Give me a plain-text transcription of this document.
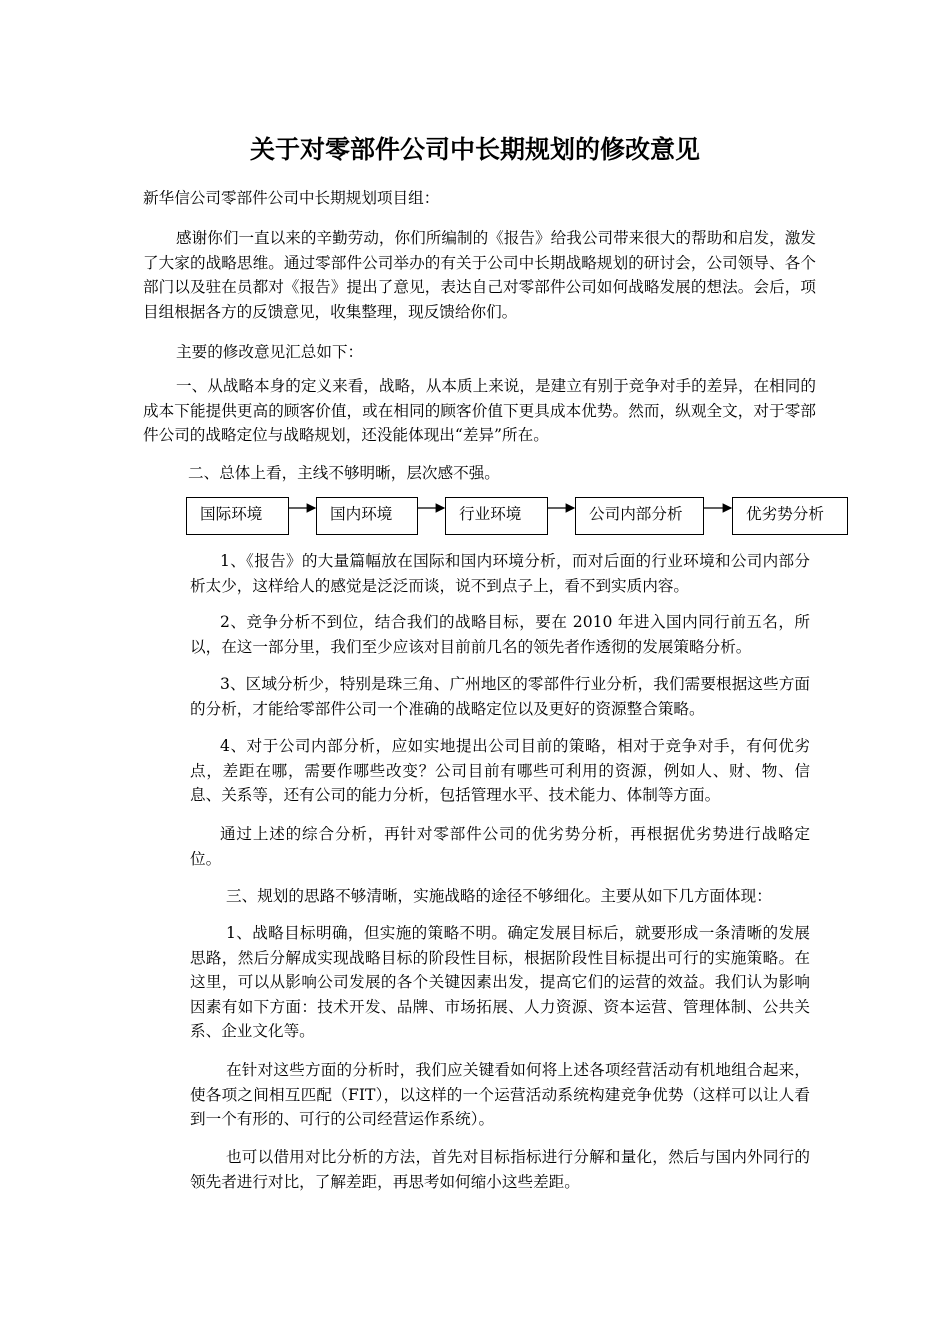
关于对零部件公司中长期规划的修改意见

新华信公司零部件公司中长期规划项目组：

感谢你们一直以来的辛勤劳动，你们所编制的《报告》给我公司带来很大的帮助和启发，激发了大家的战略思维。通过零部件公司举办的有关于公司中长期战略规划的研讨会，公司领导、各个部门以及驻在员都对《报告》提出了意见，表达自己对零部件公司如何战略发展的想法。会后，项目组根据各方的反馈意见，收集整理，现反馈给你们。

主要的修改意见汇总如下：

一、从战略本身的定义来看，战略，从本质上来说，是建立有别于竞争对手的差异，在相同的成本下能提供更高的顾客价值，或在相同的顾客价值下更具成本优势。然而，纵观全文，对于零部件公司的战略定位与战略规划，还没能体现出“差异”所在。

二、总体上看，主线不够明晰，层次感不强。

国际环境	国内环境	行业环境	公司内部分析	优劣势分析

1、《报告》的大量篇幅放在国际和国内环境分析，而对后面的行业环境和公司内部分析太少，这样给人的感觉是泛泛而谈，说不到点子上，看不到实质内容。

2、竞争分析不到位，结合我们的战略目标，要在 2010 年进入国内同行前五名，所以，在这一部分里，我们至少应该对目前前几名的领先者作透彻的发展策略分析。

3、区域分析少，特别是珠三角、广州地区的零部件行业分析，我们需要根据这些方面的分析，才能给零部件公司一个准确的战略定位以及更好的资源整合策略。

4、对于公司内部分析，应如实地提出公司目前的策略，相对于竞争对手，有何优劣点，差距在哪，需要作哪些改变？公司目前有哪些可利用的资源，例如人、财、物、信息、关系等，还有公司的能力分析，包括管理水平、技术能力、体制等方面。

通过上述的综合分析，再针对零部件公司的优劣势分析，再根据优劣势进行战略定位。

三、规划的思路不够清晰，实施战略的途径不够细化。主要从如下几方面体现：

1、战略目标明确，但实施的策略不明。确定发展目标后，就要形成一条清晰的发展思路，然后分解成实现战略目标的阶段性目标，根据阶段性目标提出可行的实施策略。在这里，可以从影响公司发展的各个关键因素出发，提高它们的运营的效益。我们认为影响因素有如下方面：技术开发、品牌、市场拓展、人力资源、资本运营、管理体制、公共关系、企业文化等。

在针对这些方面的分析时，我们应关键看如何将上述各项经营活动有机地组合起来，使各项之间相互匹配（FIT），以这样的一个运营活动系统构建竞争优势（这样可以让人看到一个有形的、可行的公司经营运作系统）。

也可以借用对比分析的方法，首先对目标指标进行分解和量化，然后与国内外同行的领先者进行对比，了解差距，再思考如何缩小这些差距。
